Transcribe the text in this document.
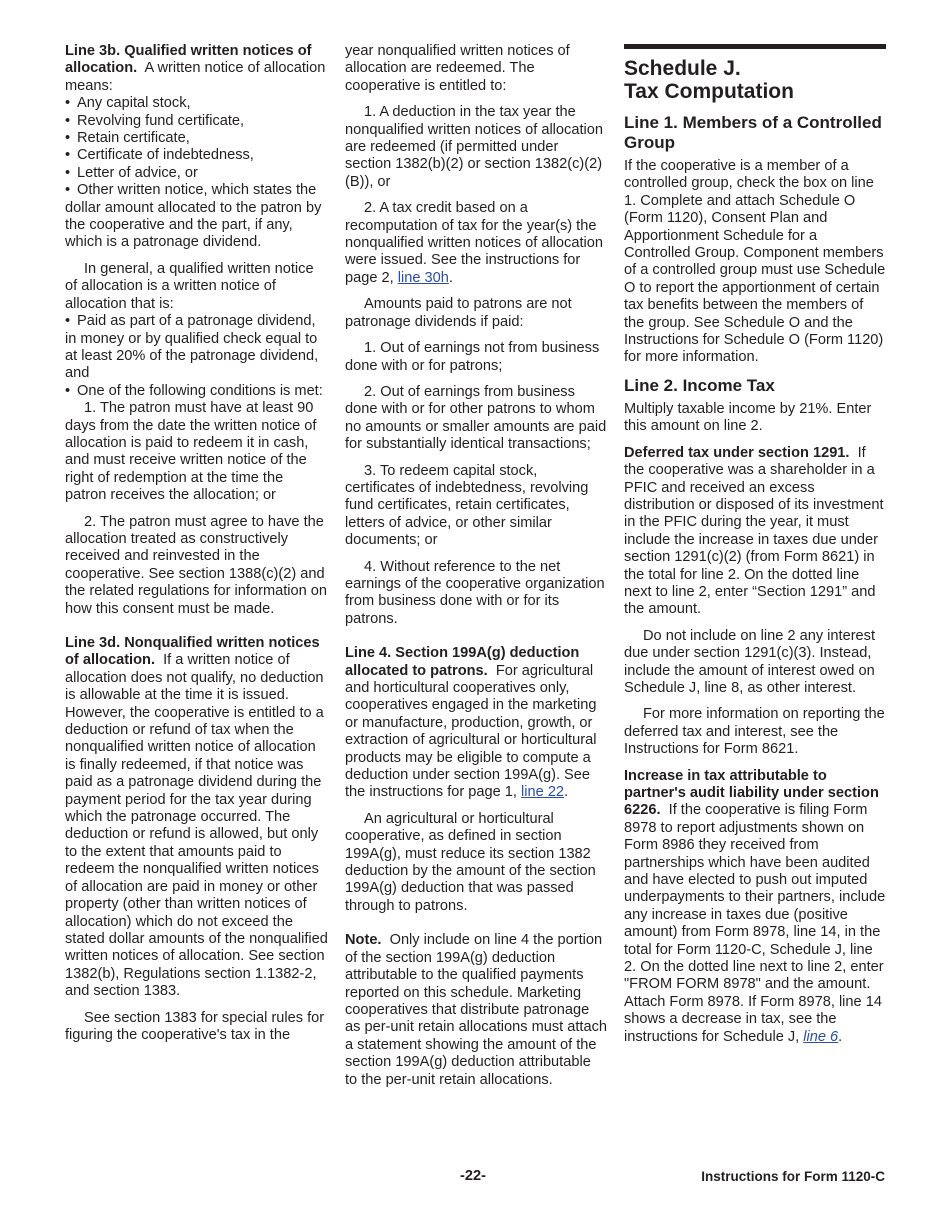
Line 3b. Qualified written notices of allocation. A written notice of allocation means:

• Any capital stock,
• Revolving fund certificate,
• Retain certificate,
• Certificate of indebtedness,
• Letter of advice, or

• Other written notice, which states the dollar amount allocated to the patron by the cooperative and the part, if any, which is a patronage dividend.

In general, a qualified written notice of allocation is a written notice of allocation that is:

• Paid as part of a patronage dividend, in money or by qualified check equal to at least 20% of the patronage dividend, and

• One of the following conditions is met:

1. The patron must have at least 90 days from the date the written notice of allocation is paid to redeem it in cash, and must receive written notice of the right of redemption at the time the patron receives the allocation; or

2. The patron must agree to have the allocation treated as constructively received and reinvested in the cooperative. See section 1388(c)(2) and the related regulations for information on how this consent must be made.

Line 3d. Nonqualified written notices of allocation. If a written notice of allocation does not qualify, no deduction is allowable at the time it is issued. However, the cooperative is entitled to a deduction or refund of tax when the nonqualified written notice of allocation is finally redeemed, if that notice was paid as a patronage dividend during the payment period for the tax year during which the patronage occurred. The deduction or refund is allowed, but only to the extent that amounts paid to redeem the nonqualified written notices of allocation are paid in money or other property (other than written notices of allocation) which do not exceed the stated dollar amounts of the nonqualified written notices of allocation. See section 1382(b), Regulations section 1.1382-2, and section 1383.

See section 1383 for special rules for figuring the cooperative's tax in the

year nonqualified written notices of allocation are redeemed. The cooperative is entitled to:

1. A deduction in the tax year the nonqualified written notices of allocation are redeemed (if permitted under section 1382(b)(2) or section 1382(c)(2)(B)), or

2. A tax credit based on a recomputation of tax for the year(s) the nonqualified written notices of allocation were issued. See the instructions for page 2, line 30h.

Amounts paid to patrons are not patronage dividends if paid:

1. Out of earnings not from business done with or for patrons;

2. Out of earnings from business done with or for other patrons to whom no amounts or smaller amounts are paid for substantially identical transactions;

3. To redeem capital stock, certificates of indebtedness, revolving fund certificates, retain certificates, letters of advice, or other similar documents; or

4. Without reference to the net earnings of the cooperative organization from business done with or for its patrons.

Line 4. Section 199A(g) deduction allocated to patrons. For agricultural and horticultural cooperatives only, cooperatives engaged in the marketing or manufacture, production, growth, or extraction of agricultural or horticultural products may be eligible to compute a deduction under section 199A(g). See the instructions for page 1, line 22.

An agricultural or horticultural cooperative, as defined in section 199A(g), must reduce its section 1382 deduction by the amount of the section 199A(g) deduction that was passed through to patrons.

Note. Only include on line 4 the portion of the section 199A(g) deduction attributable to the qualified payments reported on this schedule. Marketing cooperatives that distribute patronage as per-unit retain allocations must attach a statement showing the amount of the section 199A(g) deduction attributable to the per-unit retain allocations.

Schedule J.
Tax Computation
Line 1. Members of a Controlled Group

If the cooperative is a member of a controlled group, check the box on line 1. Complete and attach Schedule O (Form 1120), Consent Plan and Apportionment Schedule for a Controlled Group. Component members of a controlled group must use Schedule O to report the apportionment of certain tax benefits between the members of the group. See Schedule O and the Instructions for Schedule O (Form 1120) for more information.

Line 2. Income Tax

Multiply taxable income by 21%. Enter this amount on line 2.

Deferred tax under section 1291. If the cooperative was a shareholder in a PFIC and received an excess distribution or disposed of its investment in the PFIC during the year, it must include the increase in taxes due under section 1291(c)(2) (from Form 8621) in the total for line 2. On the dotted line next to line 2, enter “Section 1291” and the amount.

Do not include on line 2 any interest due under section 1291(c)(3). Instead, include the amount of interest owed on Schedule J, line 8, as other interest.

For more information on reporting the deferred tax and interest, see the Instructions for Form 8621.

Increase in tax attributable to partner's audit liability under section 6226. If the cooperative is filing Form 8978 to report adjustments shown on Form 8986 they received from partnerships which have been audited and have elected to push out imputed underpayments to their partners, include any increase in taxes due (positive amount) from Form 8978, line 14, in the total for Form 1120-C, Schedule J, line 2. On the dotted line next to line 2, enter "FROM FORM 8978" and the amount. Attach Form 8978. If Form 8978, line 14 shows a decrease in tax, see the instructions for Schedule J, line 6.

-22-	Instructions for Form 1120-C
